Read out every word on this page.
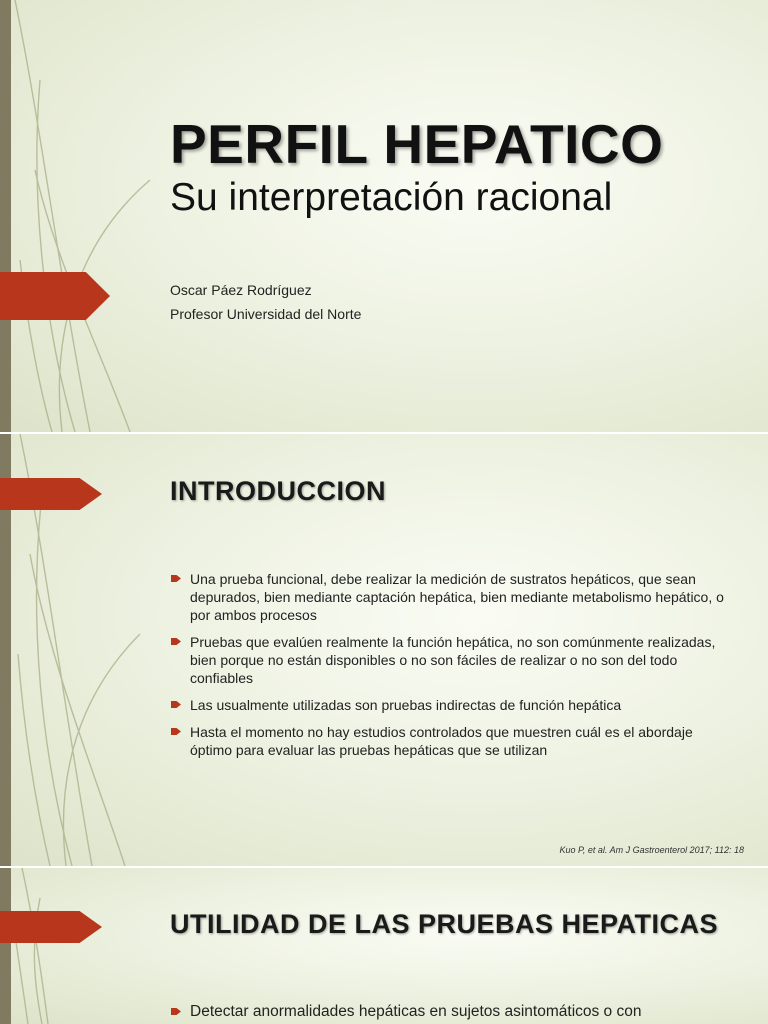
PERFIL HEPATICO
Su interpretación racional

Oscar Páez Rodríguez

Profesor Universidad del Norte

INTRODUCCION
Una prueba funcional, debe realizar la medición de sustratos hepáticos, que sean depurados, bien mediante captación hepática, bien mediante metabolismo hepático, o por ambos procesos
Pruebas que evalúen realmente la función hepática, no son comúnmente realizadas, bien porque no están disponibles o no son fáciles de realizar o no son del todo confiables
Las usualmente utilizadas son pruebas indirectas de función hepática
Hasta el momento no hay estudios controlados que muestren cuál es el abordaje óptimo para evaluar las pruebas hepáticas que se utilizan

Kuo P, et al. Am J Gastroenterol 2017; 112: 18

UTILIDAD DE LAS PRUEBAS HEPATICAS
Detectar anormalidades hepáticas en sujetos asintomáticos o con
